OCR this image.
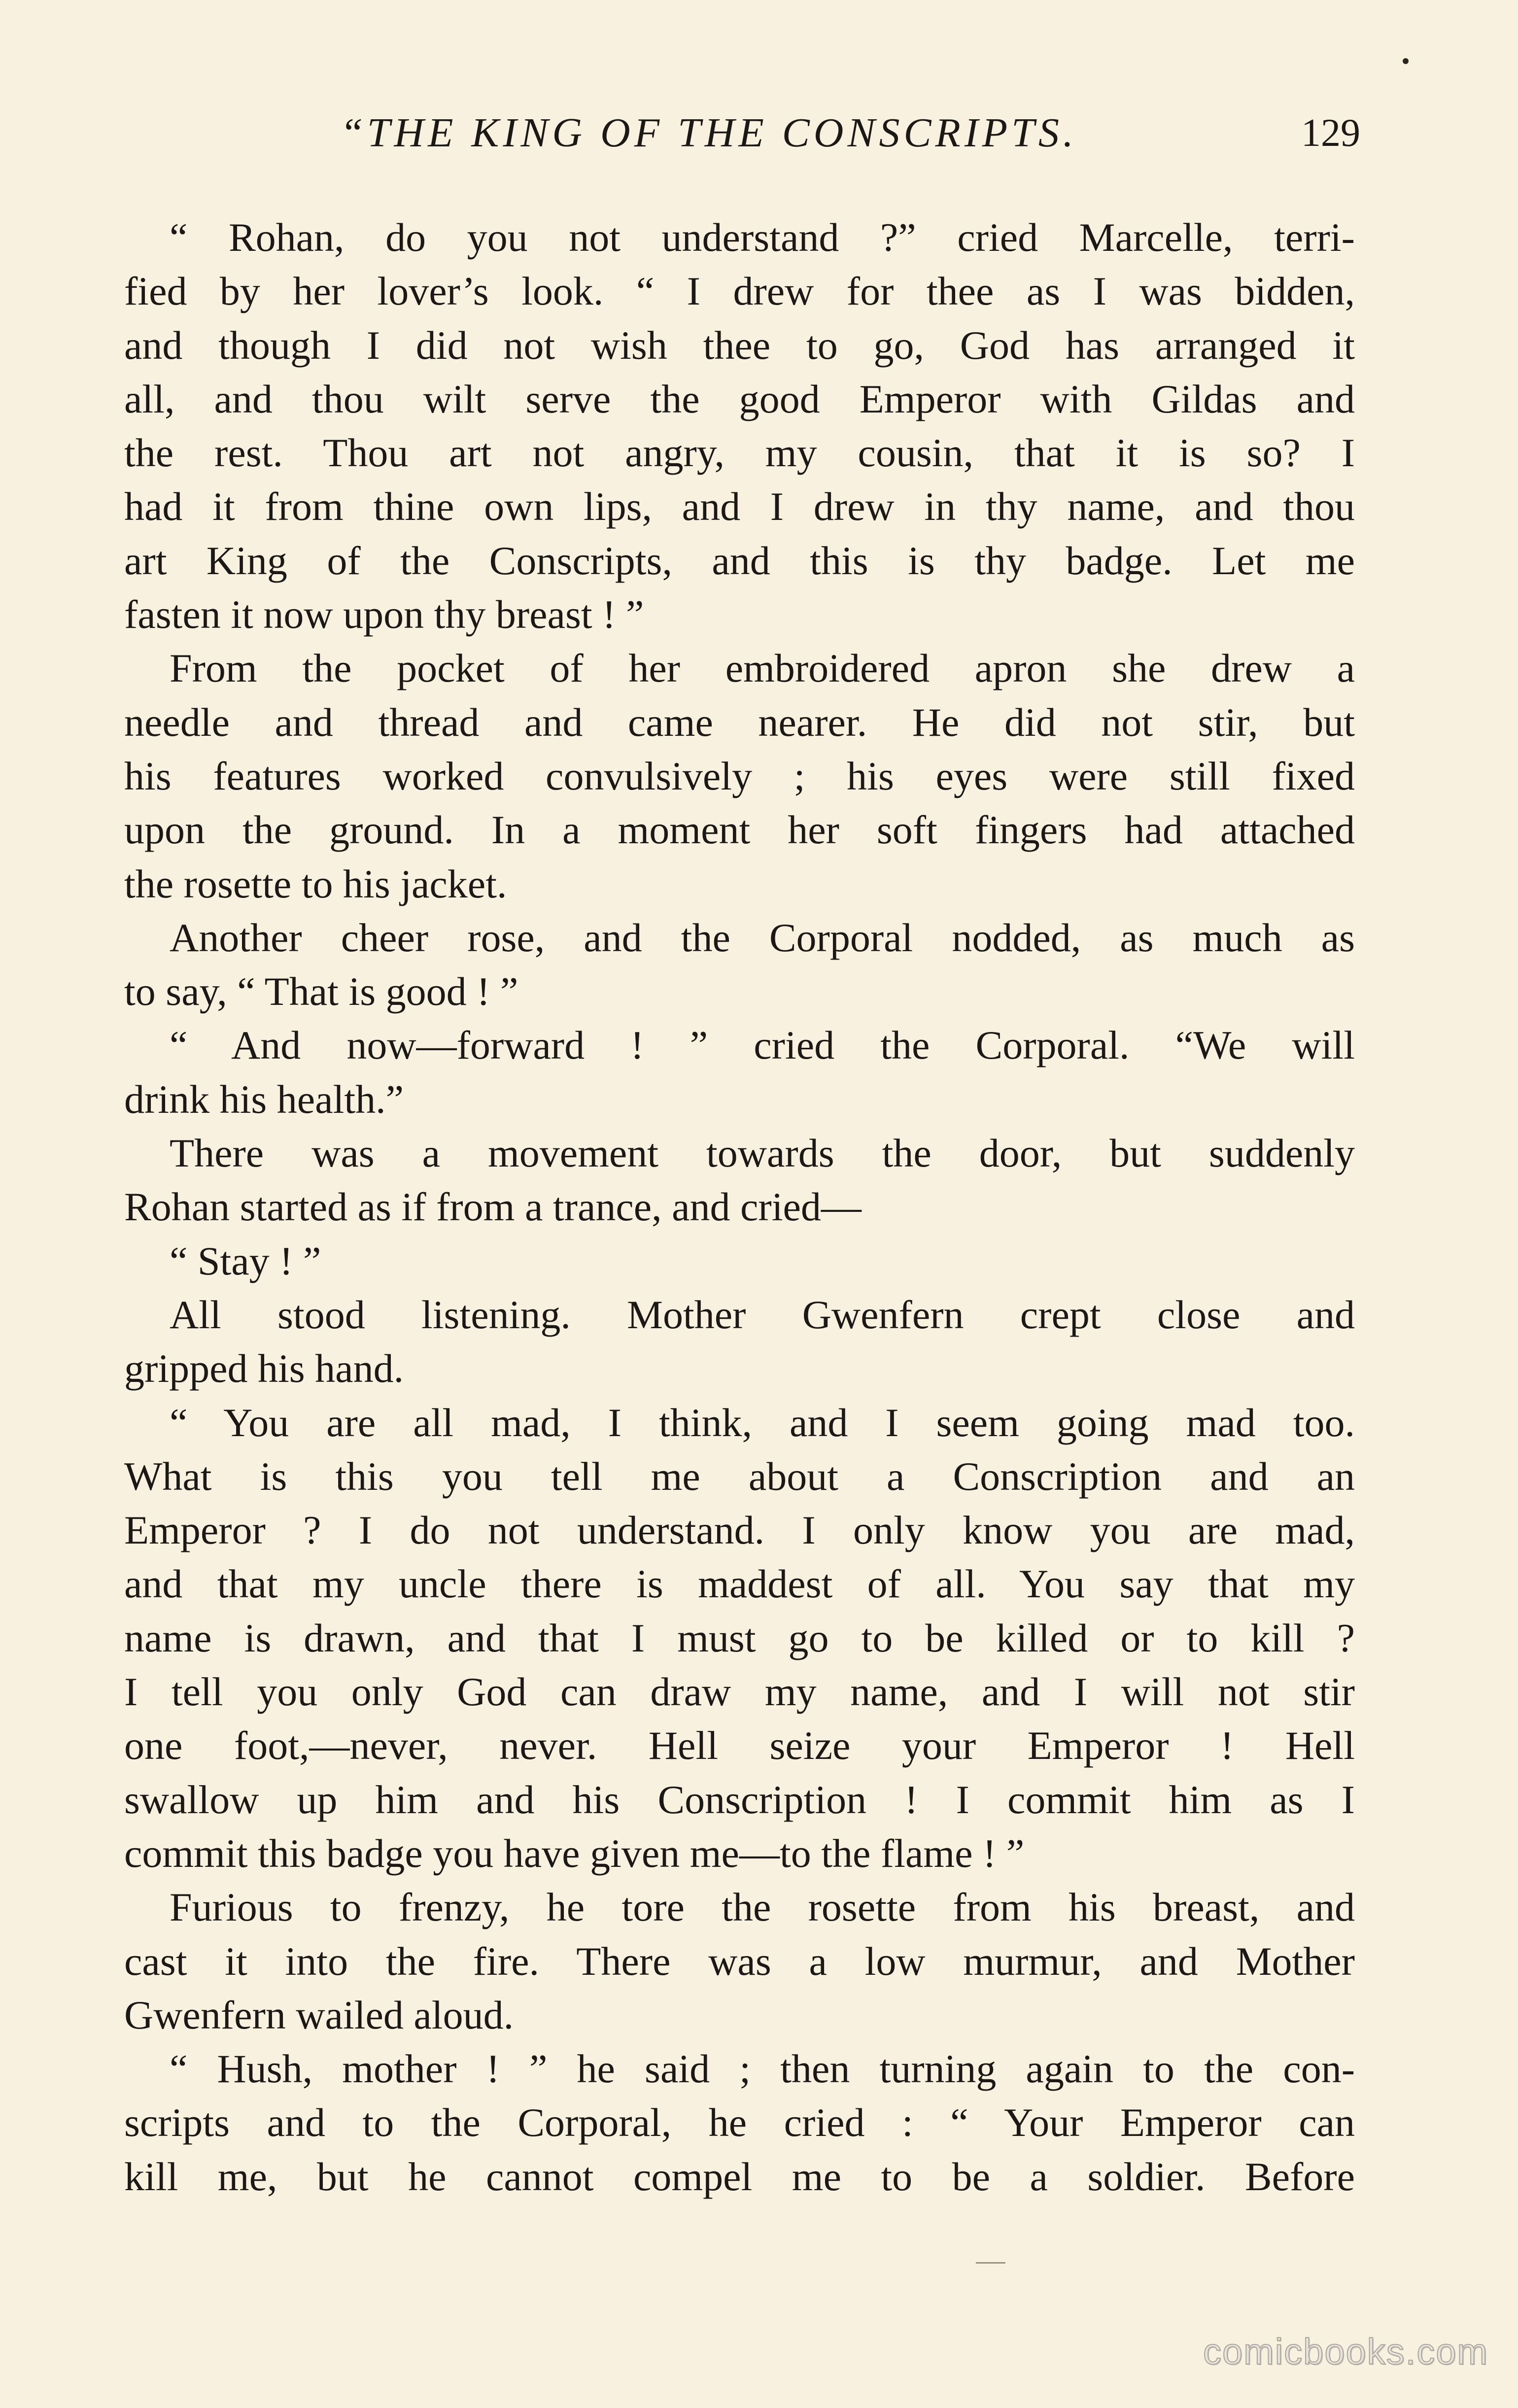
“THE KING OF THE CONSCRIPTS.	129
“ Rohan, do you not understand ?” cried Marcelle, terri-
fied by her lover’s look. “ I drew for thee as I was bidden,
and though I did not wish thee to go, God has arranged it
all, and thou wilt serve the good Emperor with Gildas and
the rest. Thou art not angry, my cousin, that it is so? I
had it from thine own lips, and I drew in thy name, and thou
art King of the Conscripts, and this is thy badge. Let me
fasten it now upon thy breast ! ”
From the pocket of her embroidered apron she drew a
needle and thread and came nearer. He did not stir, but
his features worked convulsively ; his eyes were still fixed
upon the ground. In a moment her soft fingers had attached
the rosette to his jacket.
Another cheer rose, and the Corporal nodded, as much as
to say, “ That is good ! ”
“ And now—forward ! ” cried the Corporal. “We will
drink his health.”
There was a movement towards the door, but suddenly
Rohan started as if from a trance, and cried—
“ Stay ! ”
All stood listening. Mother Gwenfern crept close and
gripped his hand.
“ You are all mad, I think, and I seem going mad too.
What is this you tell me about a Conscription and an
Emperor ? I do not understand. I only know you are mad,
and that my uncle there is maddest of all. You say that my
name is drawn, and that I must go to be killed or to kill ?
I tell you only God can draw my name, and I will not stir
one foot,—never, never. Hell seize your Emperor ! Hell
swallow up him and his Conscription ! I commit him as I
commit this badge you have given me—to the flame ! ”
Furious to frenzy, he tore the rosette from his breast, and
cast it into the fire. There was a low murmur, and Mother
Gwenfern wailed aloud.
“ Hush, mother ! ” he said ; then turning again to the con-
scripts and to the Corporal, he cried : “ Your Emperor can
kill me, but he cannot compel me to be a soldier. Before
comicbooks.com
